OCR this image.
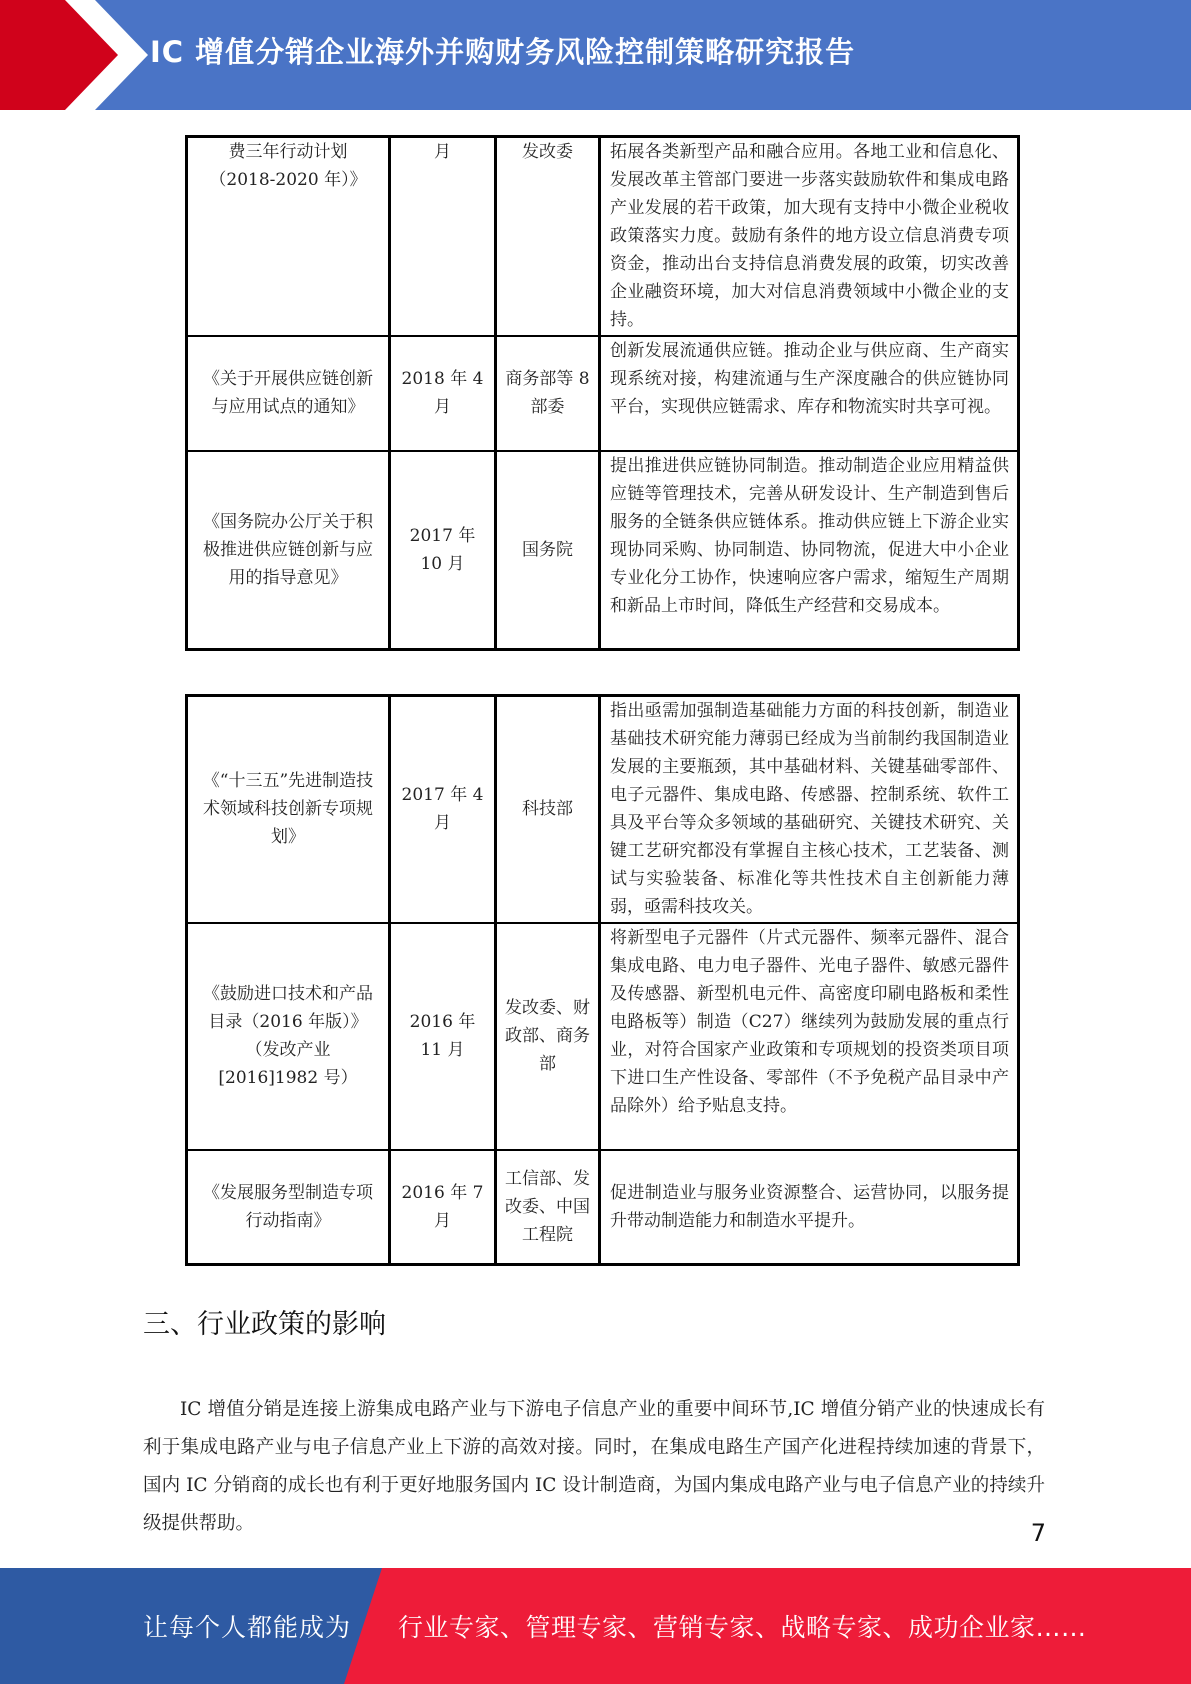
IC 增值分销企业海外并购财务风险控制策略研究报告
费三年行动计划（2018-2020 年）》	月	发改委	拓展各类新型产品和融合应用。各地工业和信息化、发展改革主管部门要进一步落实鼓励软件和集成电路产业发展的若干政策，加大现有支持中小微企业税收政策落实力度。鼓励有条件的地方设立信息消费专项资金，推动出台支持信息消费发展的政策，切实改善企业融资环境，加大对信息消费领域中小微企业的支持。
《关于开展供应链创新与应用试点的通知》	2018 年 4 月	商务部等 8 部委	创新发展流通供应链。推动企业与供应商、生产商实现系统对接，构建流通与生产深度融合的供应链协同平台，实现供应链需求、库存和物流实时共享可视。
《国务院办公厅关于积极推进供应链创新与应用的指导意见》	2017 年 10 月	国务院	提出推进供应链协同制造。推动制造企业应用精益供应链等管理技术，完善从研发设计、生产制造到售后服务的全链条供应链体系。推动供应链上下游企业实现协同采购、协同制造、协同物流，促进大中小企业专业化分工协作，快速响应客户需求，缩短生产周期和新品上市时间，降低生产经营和交易成本。
《“十三五”先进制造技术领域科技创新专项规划》	2017 年 4 月	科技部	指出亟需加强制造基础能力方面的科技创新，制造业基础技术研究能力薄弱已经成为当前制约我国制造业发展的主要瓶颈，其中基础材料、关键基础零部件、电子元器件、集成电路、传感器、控制系统、软件工具及平台等众多领域的基础研究、关键技术研究、关键工艺研究都没有掌握自主核心技术，工艺装备、测试与实验装备、标准化等共性技术自主创新能力薄弱，亟需科技攻关。
《鼓励进口技术和产品目录（2016 年版）》（发改产业[2016]1982 号）	2016 年 11 月	发改委、财政部、商务部	将新型电子元器件（片式元器件、频率元器件、混合集成电路、电力电子器件、光电子器件、敏感元器件及传感器、新型机电元件、高密度印刷电路板和柔性电路板等）制造（C27）继续列为鼓励发展的重点行业，对符合国家产业政策和专项规划的投资类项目项下进口生产性设备、零部件（不予免税产品目录中产品除外）给予贴息支持。
《发展服务型制造专项行动指南》	2016 年 7 月	工信部、发改委、中国工程院	促进制造业与服务业资源整合、运营协同，以服务提升带动制造能力和制造水平提升。
三、行业政策的影响

IC 增值分销是连接上游集成电路产业与下游电子信息产业的重要中间环节,IC 增值分销产业的快速成长有利于集成电路产业与电子信息产业上下游的高效对接。同时，在集成电路生产国产化进程持续加速的背景下，国内 IC 分销商的成长也有利于更好地服务国内 IC 设计制造商，为国内集成电路产业与电子信息产业的持续升级提供帮助。	7
让每个人都能成为 行业专家、管理专家、营销专家、战略专家、成功企业家……
